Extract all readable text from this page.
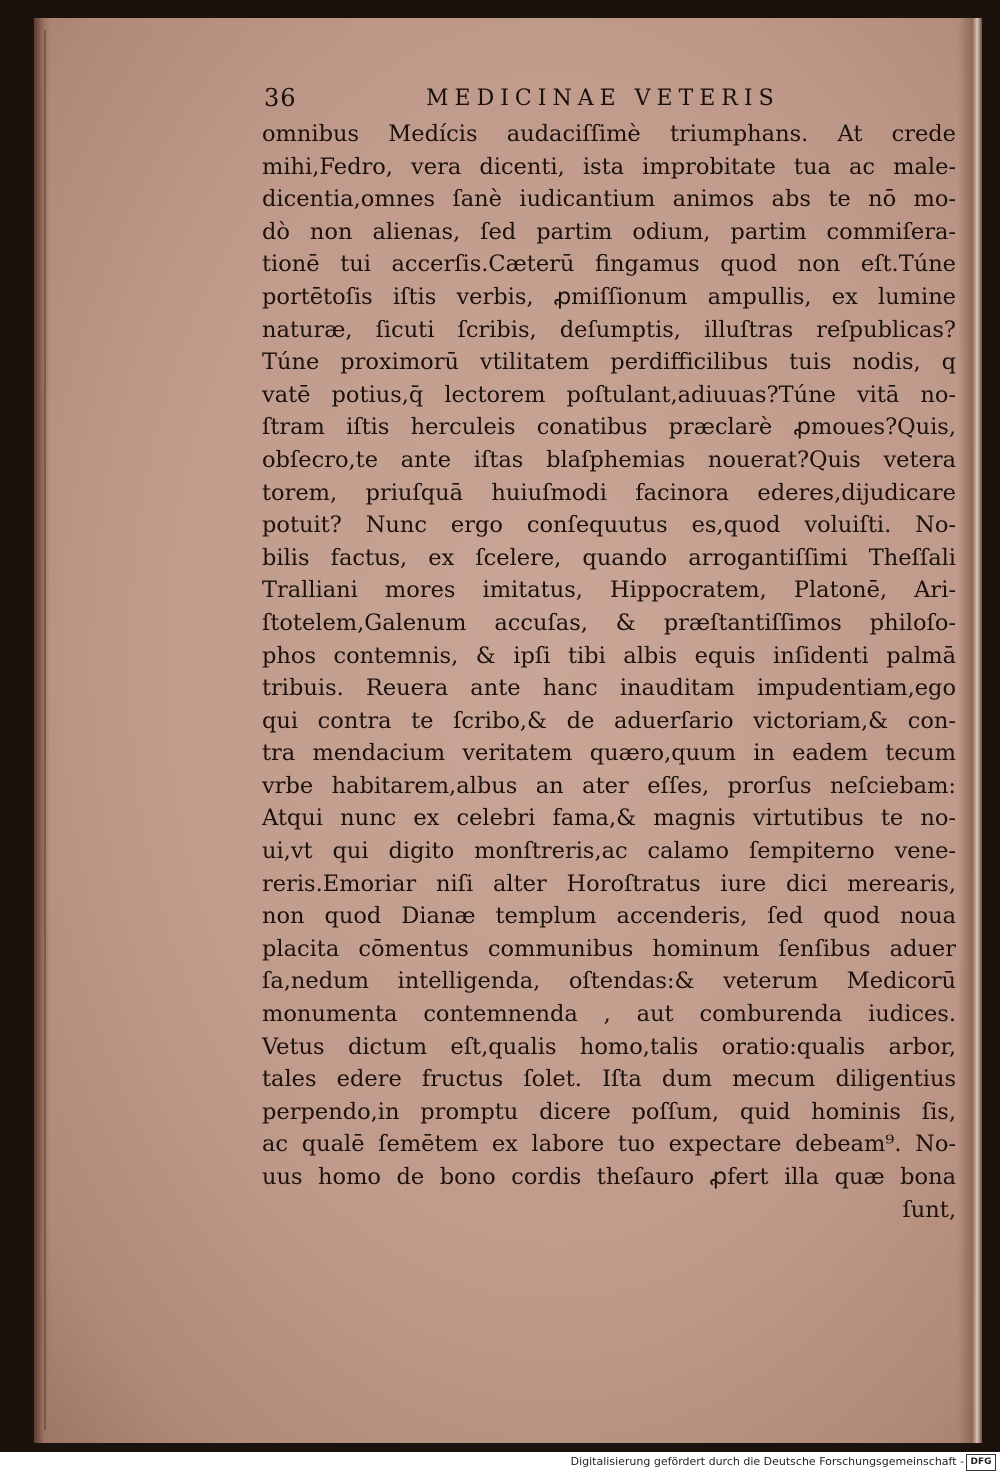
36	MEDICINAE VETERIS
omnibus Medícis audaciſſimè triumphans. At crede
mihi,Fedro, vera dicenti, ista improbitate tua ac male-
dicentia,omnes ſanè iudicantium animos abs te nō mo-
dò non alienas, ſed partim odium, partim commiſera-
tionē tui accerſis.Cæterū fingamus quod non eſt.Túne
portētoſis iſtis verbis, ꝓmiſſionum ampullis, ex lumine
naturæ, ſicuti ſcribis, deſumptis, illuſtras reſpublicas?
Túne proximorū vtilitatem perdifficilibus tuis nodis, q
vatē potius,q̄ lectorem poſtulant,adiuuas?Túne vitā no-
ſtram iſtis herculeis conatibus præclarè ꝓmoues?Quis,
obſecro,te ante iſtas blaſphemias nouerat?Quis vetera
torem, priuſquā huiuſmodi facinora ederes,dijudicare
potuit? Nunc ergo conſequutus es,quod voluiſti. No-
bilis factus, ex ſcelere, quando arrogantiſſimi Theſſali
Tralliani mores imitatus, Hippocratem, Platonē, Ari-
ſtotelem,Galenum accuſas, & præſtantiſſimos philoſo-
phos contemnis, & ipſi tibi albis equis inſidenti palmā
tribuis. Reuera ante hanc inauditam impudentiam,ego
qui contra te ſcribo,& de aduerſario victoriam,& con-
tra mendacium veritatem quæro,quum in eadem tecum
vrbe habitarem,albus an ater eſſes, prorſus neſciebam:
Atqui nunc ex celebri fama,& magnis virtutibus te no-
ui,vt qui digito monſtreris,ac calamo ſempiterno vene-
reris.Emoriar niſi alter Horoſtratus iure dici merearis,
non quod Dianæ templum accenderis, ſed quod noua
placita cōmentus communibus hominum ſenſibus aduer
ſa,nedum intelligenda, oſtendas:& veterum Medicorū
monumenta contemnenda , aut comburenda iudices.
Vetus dictum eſt,qualis homo,talis oratio:qualis arbor,
tales edere fructus ſolet. Iſta dum mecum diligentius
perpendo,in promptu dicere poſſum, quid hominis ſis,
ac qualē ſemētem ex labore tuo expectare debeam⁹. No-
uus homo de bono cordis theſauro ꝓfert illa quæ bona
ſunt,
Digitalisierung gefördert durch die Deutsche Forschungsgemeinschaft - DFG
